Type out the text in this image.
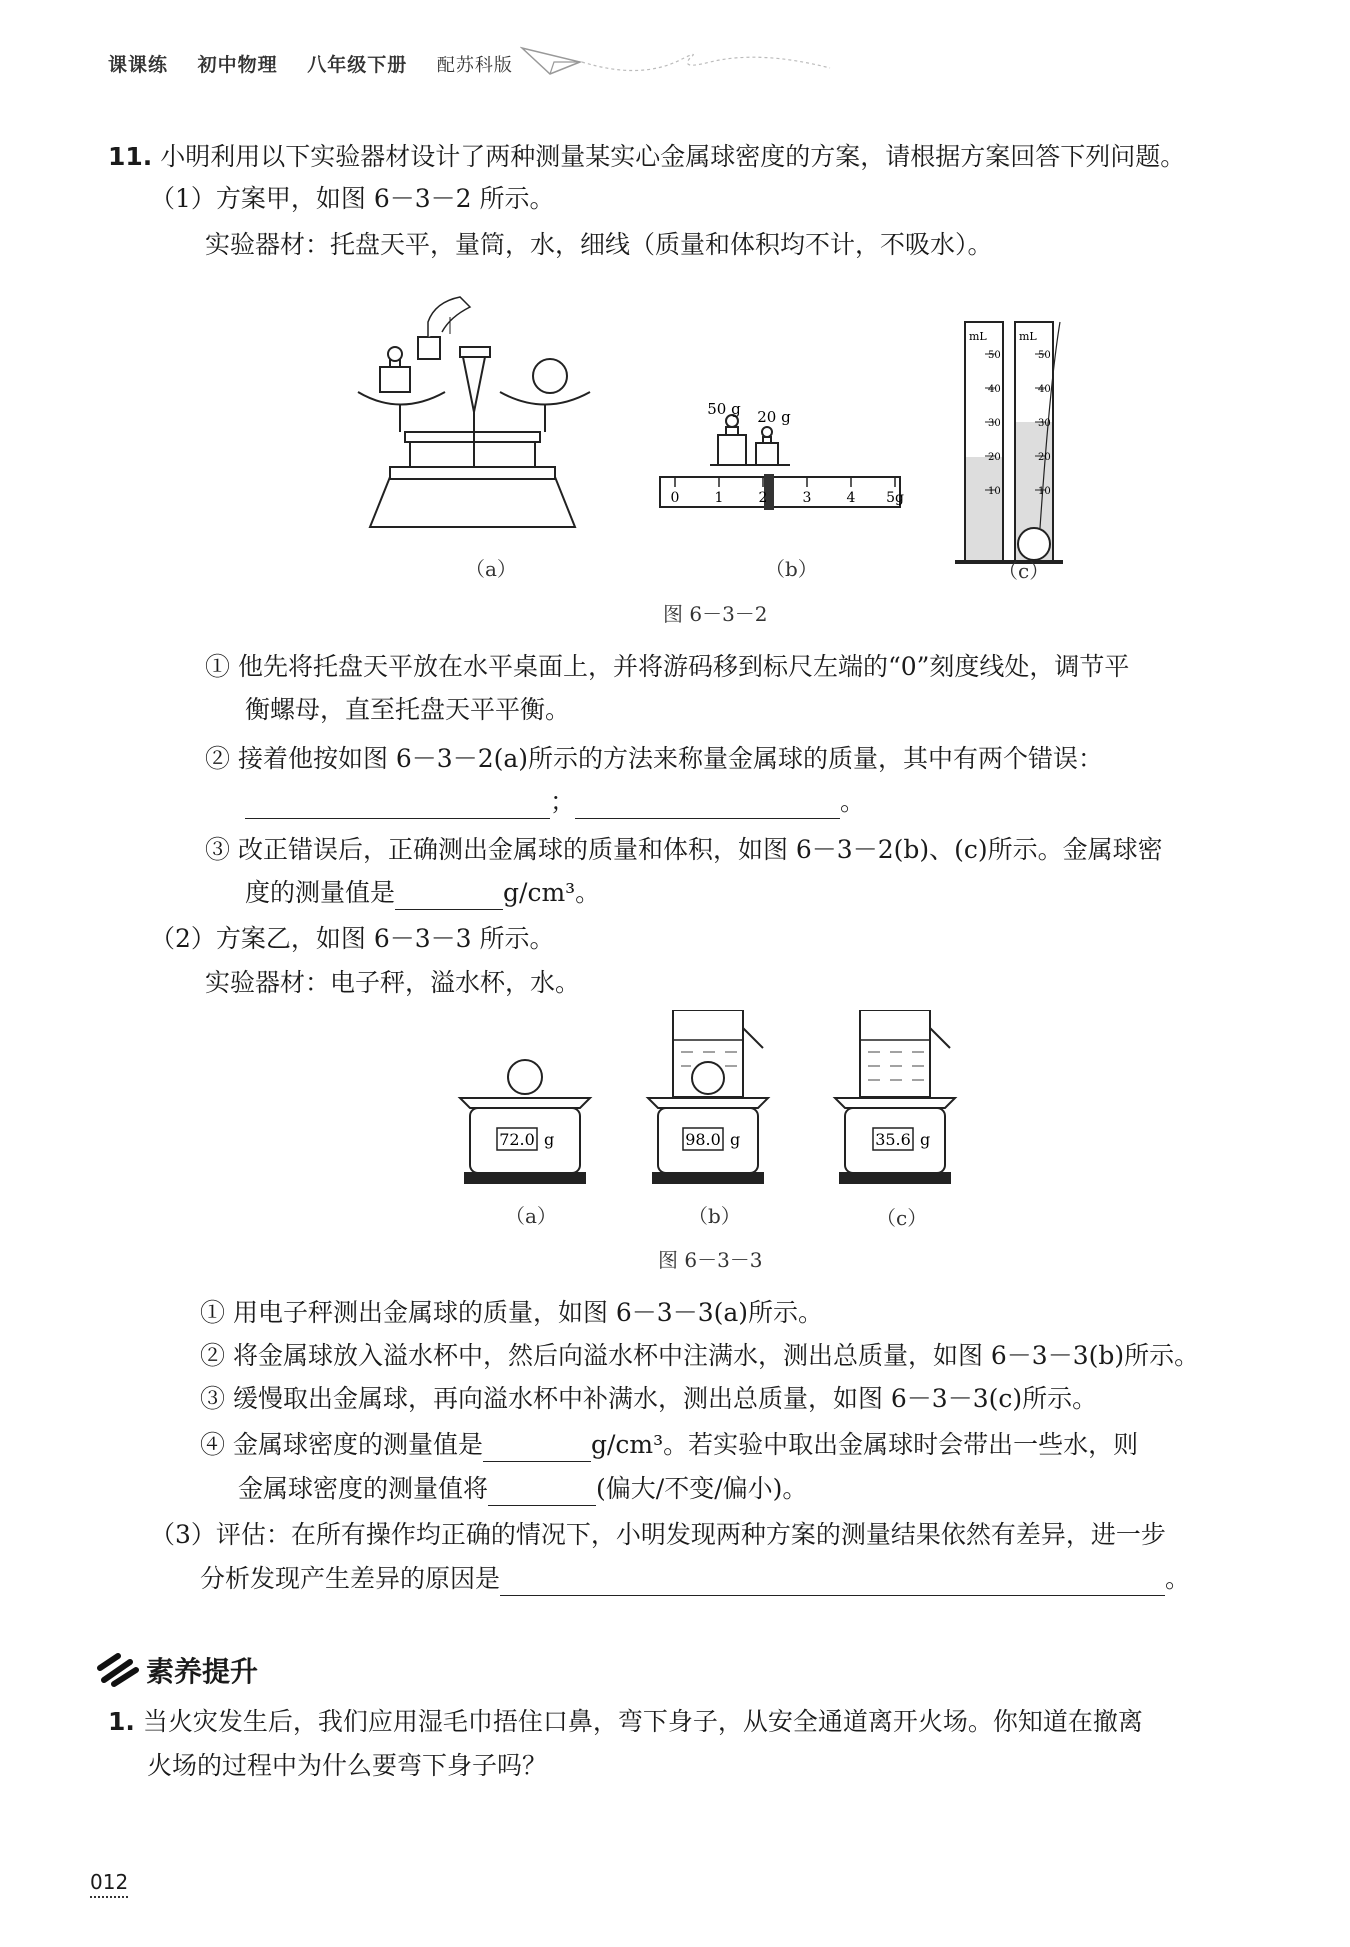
课课练 初中物理 八年级下册 配苏科版
11. 小明利用以下实验器材设计了两种测量某实心金属球密度的方案，请根据方案回答下列问题。
（1）方案甲，如图 6－3－2 所示。
实验器材：托盘天平，量筒，水，细线（质量和体积均不计，不吸水）。
50 g 20 g
0	1	2	3	4 5g
mL
50
40
30
20
10
mL
50
40
30
20
10
（a）	（b）	（c）
图 6－3－2
① 他先将托盘天平放在水平桌面上，并将游码移到标尺左端的“0”刻度线处，调节平
衡螺母，直至托盘天平平衡。
② 接着他按如图 6－3－2(a)所示的方法来称量金属球的质量，其中有两个错误：
；	。
③ 改正错误后，正确测出金属球的质量和体积，如图 6－3－2(b)、(c)所示。金属球密
度的测量值是	g/cm³。
（2）方案乙，如图 6－3－3 所示。
实验器材：电子秤，溢水杯，水。
72.0 g	98.0 g	35.6 g
（a）	（b）	（c）
图 6－3－3
① 用电子秤测出金属球的质量，如图 6－3－3(a)所示。
② 将金属球放入溢水杯中，然后向溢水杯中注满水，测出总质量，如图 6－3－3(b)所示。
③ 缓慢取出金属球，再向溢水杯中补满水，测出总质量，如图 6－3－3(c)所示。
④ 金属球密度的测量值是	g/cm³。若实验中取出金属球时会带出一些水，则
金属球密度的测量值将	(偏大/不变/偏小)。
（3）评估：在所有操作均正确的情况下，小明发现两种方案的测量结果依然有差异，进一步
分析发现产生差异的原因是	。
素养提升
1. 当火灾发生后，我们应用湿毛巾捂住口鼻，弯下身子，从安全通道离开火场。你知道在撤离
火场的过程中为什么要弯下身子吗？
012
